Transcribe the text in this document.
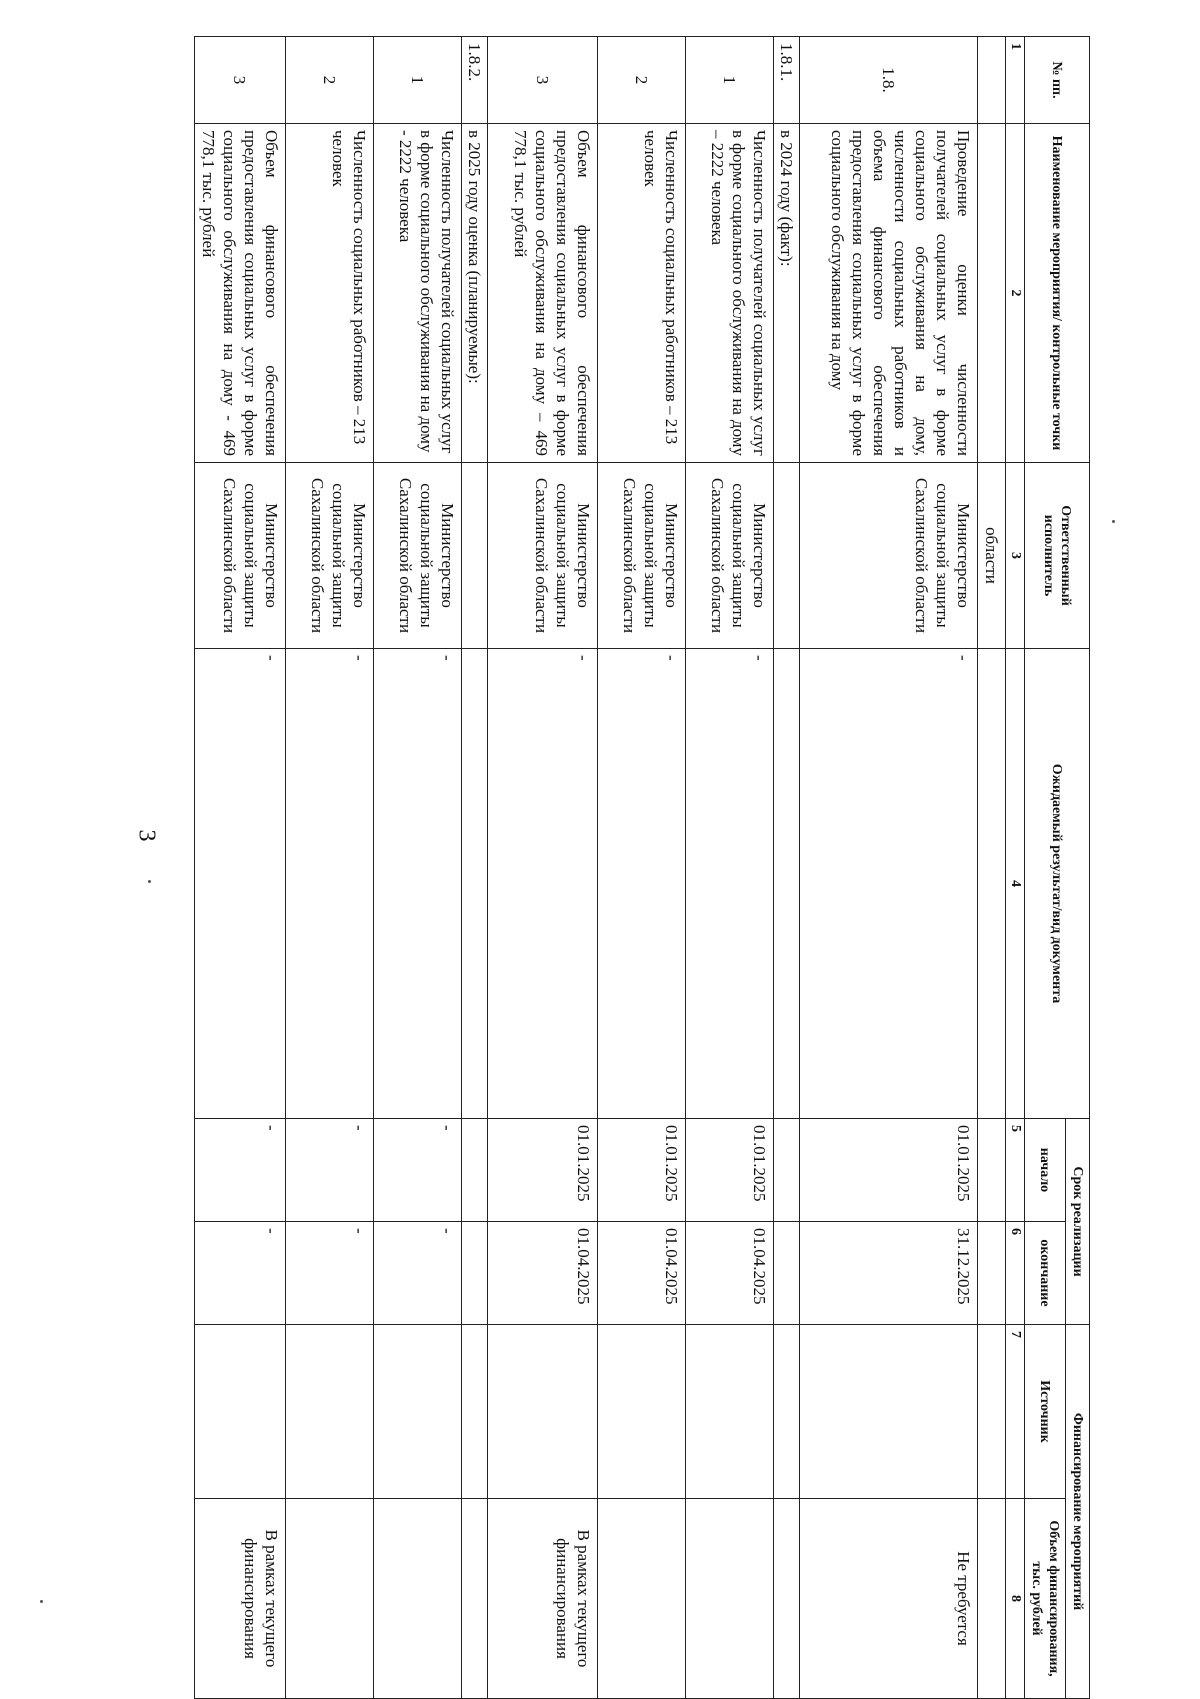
3
№ пп.	Наименование мероприятия/ контрольные точки	Ответственный исполнитель	Ожидаемый результат/вид документа	Срок реализации		Финансирование мероприятий	
				начало	окончание	Источник	Объем финансирования, тыс. рублей
1	2	3	4	5	6	7	8
		области					
1.8.	Проведение оценки численности получателей социальных услуг в форме социального обслуживания на дому, численности социальных работников и объема финансового обеспечения предоставления социальных услуг в форме социального обслуживания на дому	Министерство социальной защиты Сахалинской области	-	01.01.2025	31.12.2025		Не требуется
1.8.1.	в 2024 году (факт):						
1	Численность получателей социальных услуг в форме социального обслуживания на дому – 2222 человека	Министерство социальной защиты Сахалинской области	-	01.01.2025	01.04.2025		
2	Численность социальных работников – 213 человек	Министерство социальной защиты Сахалинской области	-	01.01.2025	01.04.2025		
3	Объем финансового обеспечения предоставления социальных услуг в форме социального обслуживания на дому – 469 778,1 тыс. рублей	Министерство социальной защиты Сахалинской области	-	01.01.2025	01.04.2025		В рамках текущего финансирования
1.8.2.	в 2025 году оценка (планируемые):						
1	Численность получателей социальных услуг в форме социального обслуживания на дому - 2222 человека	Министерство социальной защиты Сахалинской области	-	-	-		
2	Численность социальных работников – 213 человек	Министерство социальной защиты Сахалинской области	-	-	-		
3	Объем финансового обеспечения предоставления социальных услуг в форме социального обслуживания на дому - 469 778,1 тыс. рублей	Министерство социальной защиты Сахалинской области	-	-	-		В рамках текущего финансирования
